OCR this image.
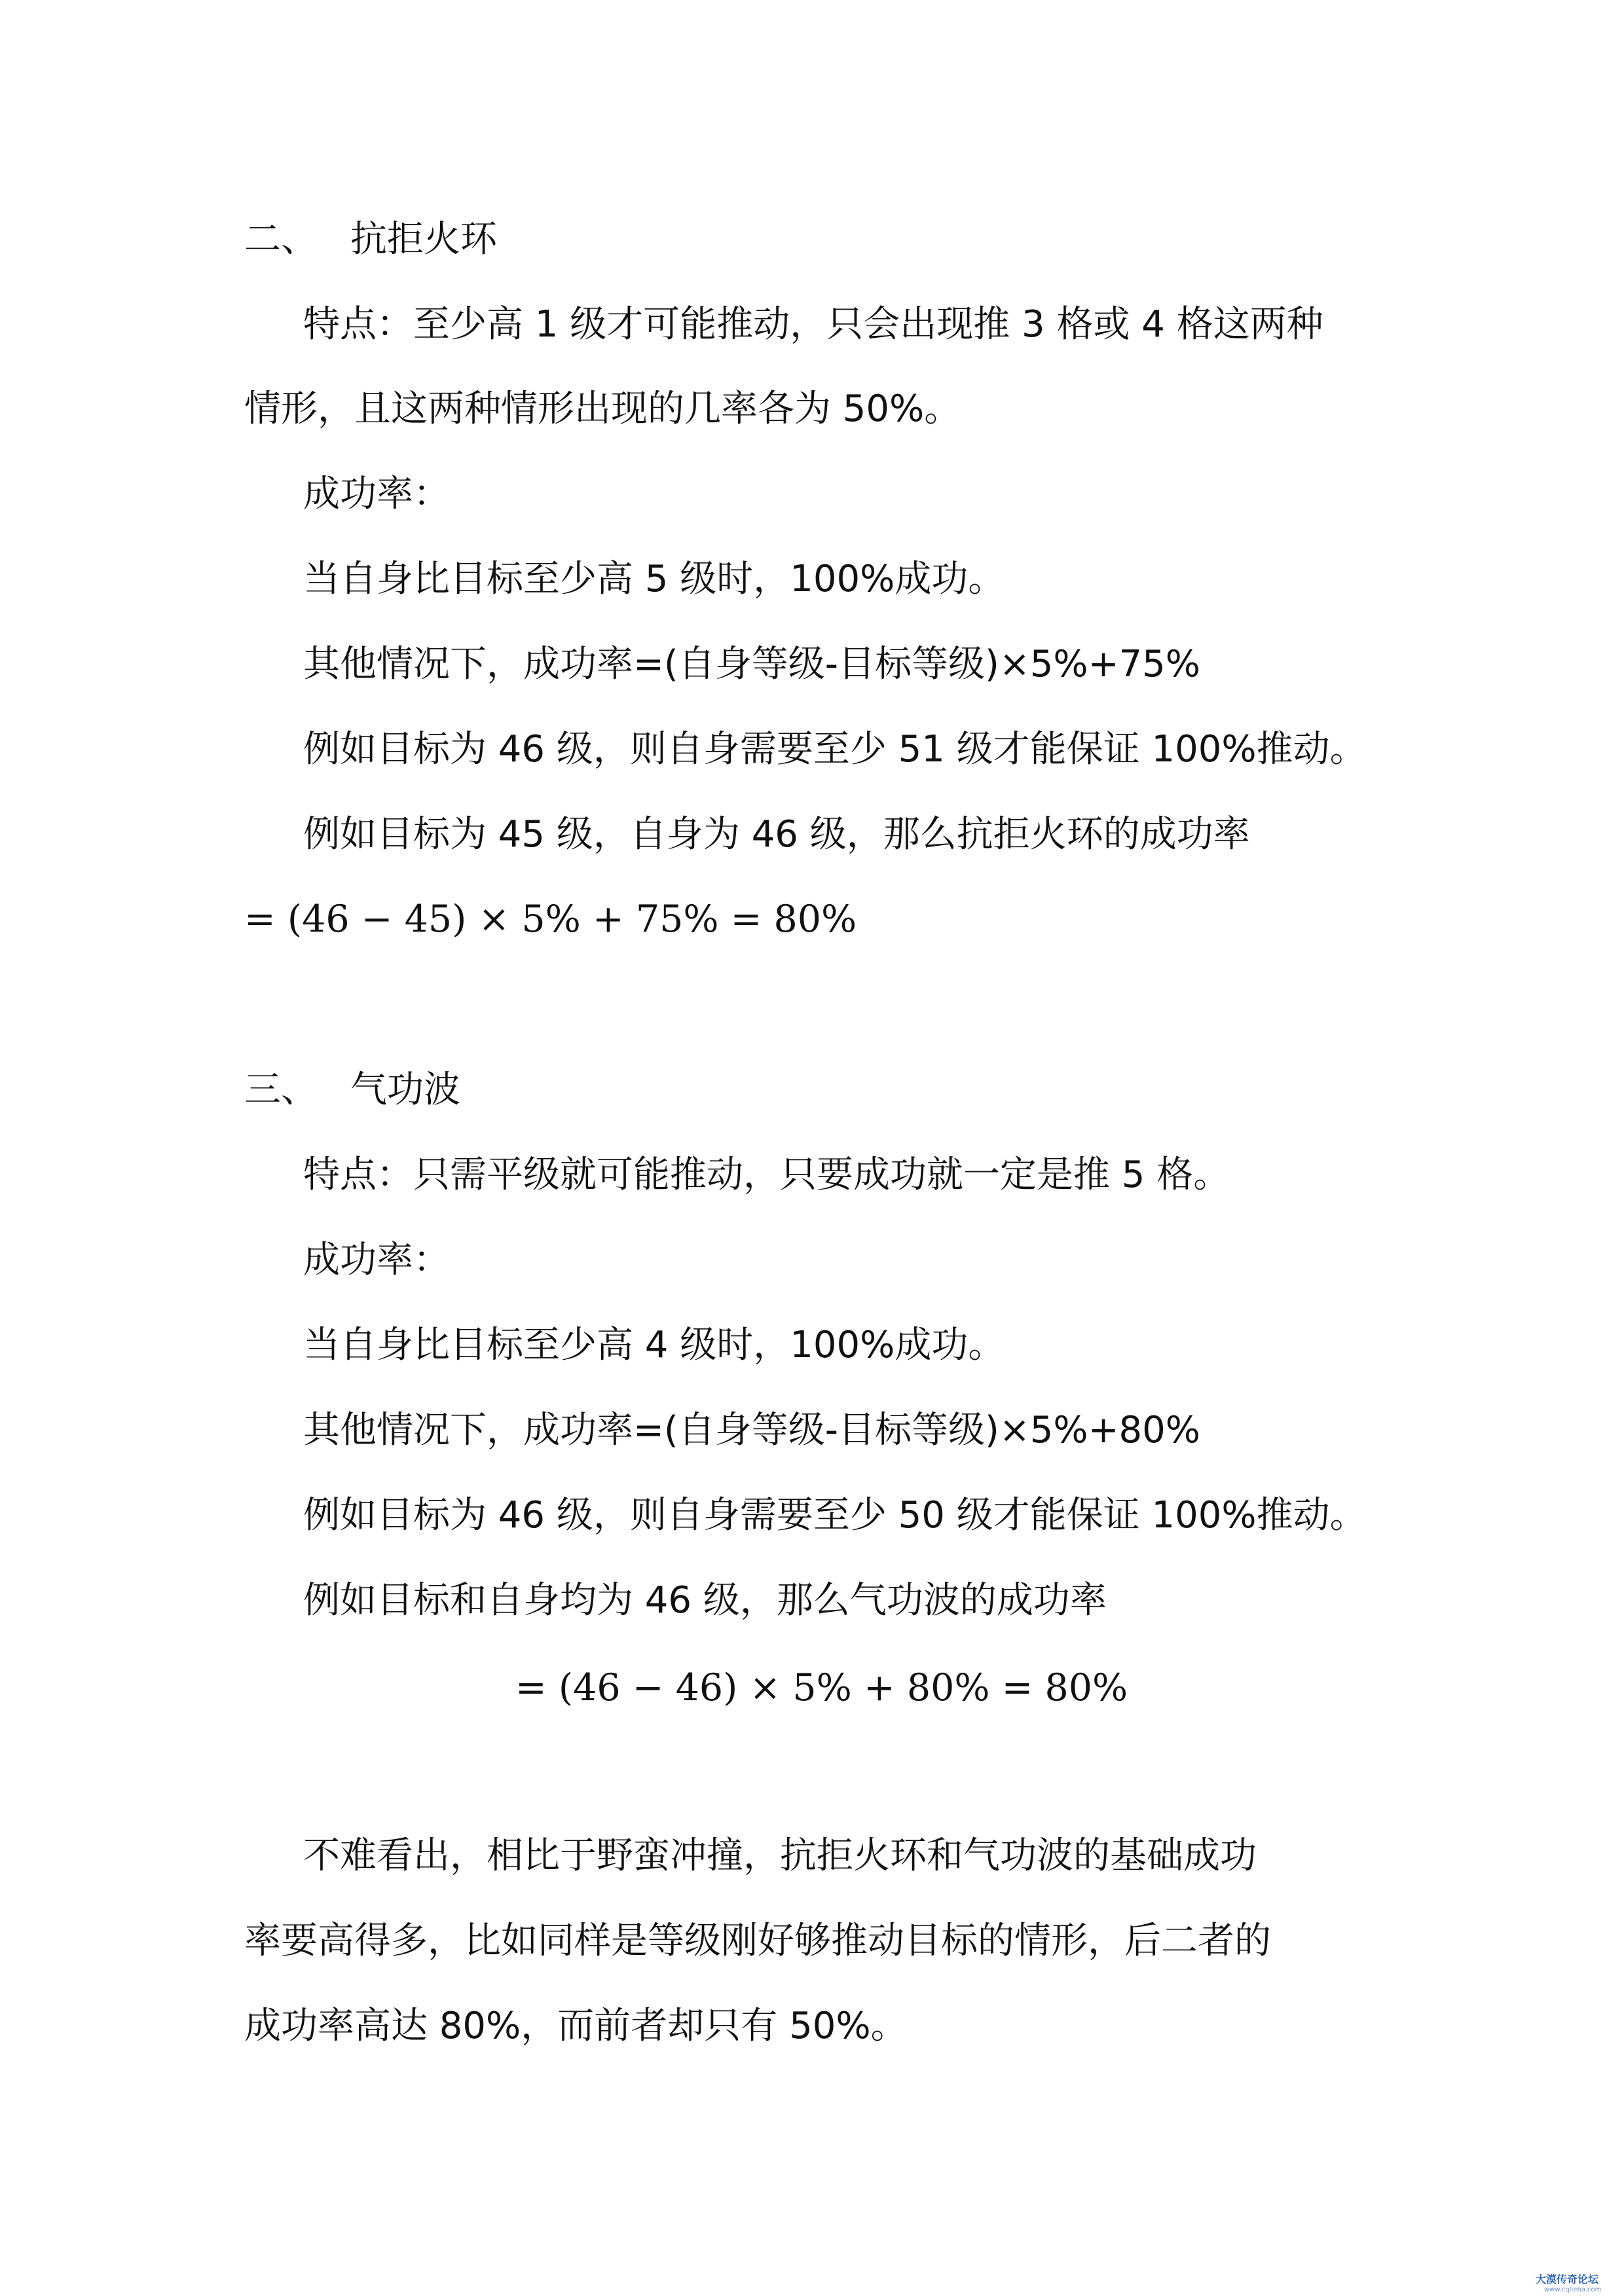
二、 抗拒火环
特点：至少高 1 级才可能推动，只会出现推 3 格或 4 格这两种
情形，且这两种情形出现的几率各为 50%。
成功率：
当自身比目标至少高 5 级时，100%成功。
其他情况下，成功率=(自身等级-目标等级)×5%+75%
例如目标为 46 级，则自身需要至少 51 级才能保证 100%推动。
例如目标为 45 级，自身为 46 级，那么抗拒火环的成功率
= (46 − 45) × 5% + 75% = 80%
三、 气功波
特点：只需平级就可能推动，只要成功就一定是推 5 格。
成功率：
当自身比目标至少高 4 级时，100%成功。
其他情况下，成功率=(自身等级-目标等级)×5%+80%
例如目标为 46 级，则自身需要至少 50 级才能保证 100%推动。
例如目标和自身均为 46 级，那么气功波的成功率
= (46 − 46) × 5% + 80% = 80%
不难看出，相比于野蛮冲撞，抗拒火环和气功波的基础成功
率要高得多，比如同样是等级刚好够推动目标的情形，后二者的
成功率高达 80%，而前者却只有 50%。
大漠传奇论坛
www.cqlieba.com
